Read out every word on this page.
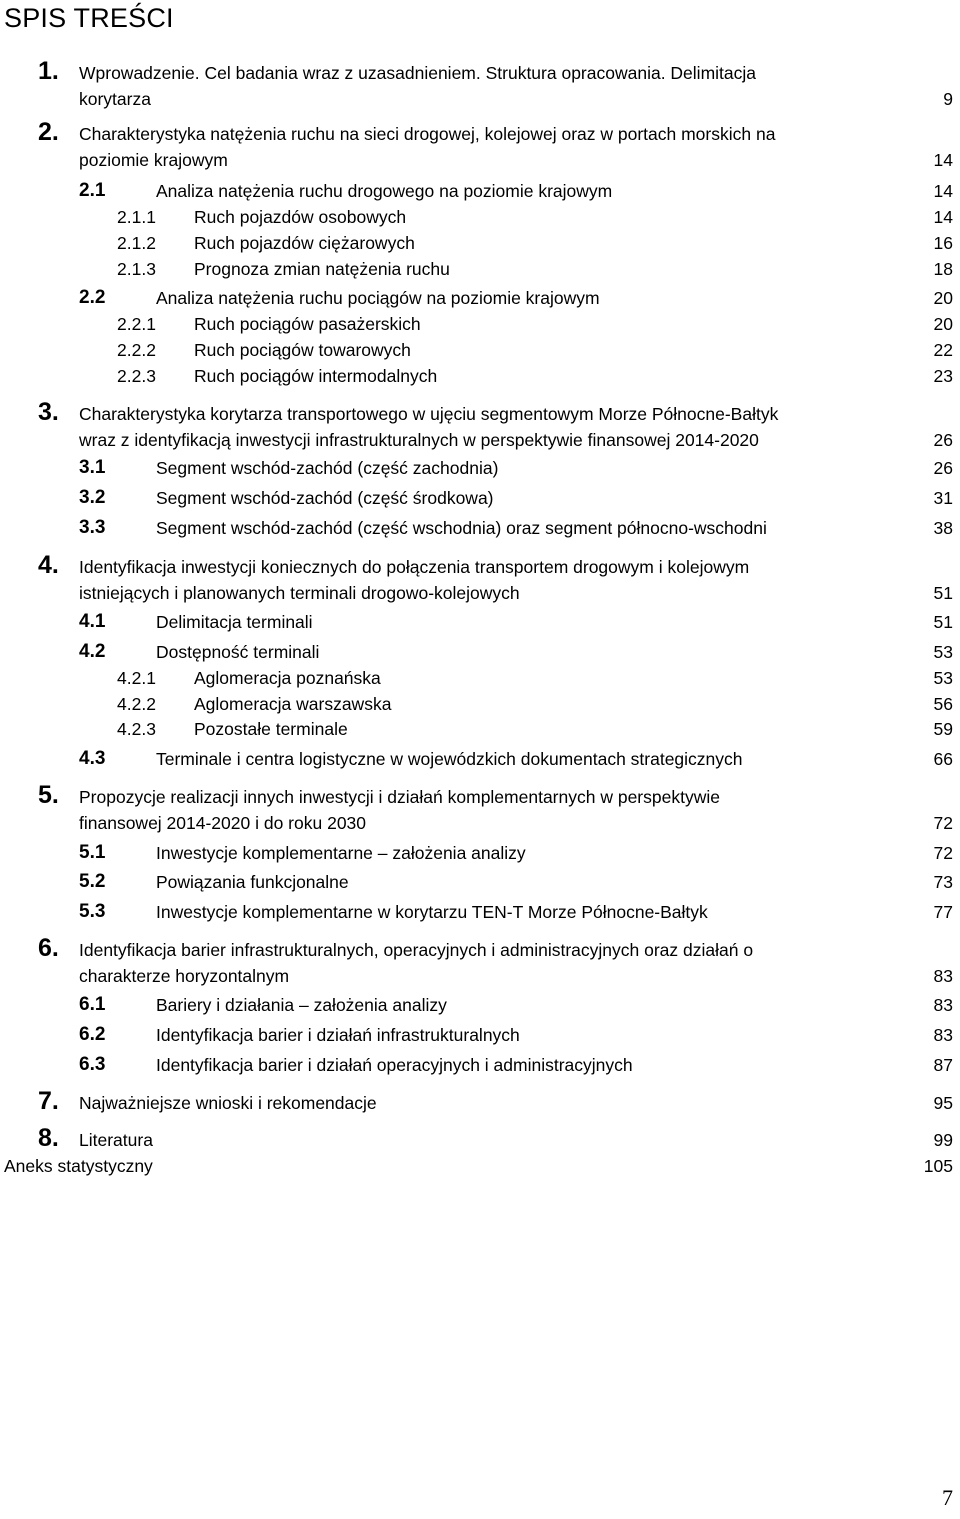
SPIS TREŚCI
7
1. Wprowadzenie. Cel badania wraz z uzasadnieniem. Struktura opracowania. Delimitacja
korytarza	9
2. Charakterystyka natężenia ruchu na sieci drogowej, kolejowej oraz w portach morskich na
poziomie krajowym	14
2.1	Analiza natężenia ruchu drogowego na poziomie krajowym	14
2.1.1 Ruch pojazdów osobowych	14
2.1.2 Ruch pojazdów ciężarowych	16
2.1.3 Prognoza zmian natężenia ruchu	18
2.2	Analiza natężenia ruchu pociągów na poziomie krajowym	20
2.2.1 Ruch pociągów pasażerskich	20
2.2.2 Ruch pociągów towarowych	22
2.2.3 Ruch pociągów intermodalnych	23
3. Charakterystyka korytarza transportowego w ujęciu segmentowym Morze Północne-Bałtyk
wraz z identyfikacją inwestycji infrastrukturalnych w perspektywie finansowej 2014-2020	26
3.1	Segment wschód-zachód (część zachodnia)	26
3.2	Segment wschód-zachód (część środkowa)	31
3.3	Segment wschód-zachód (część wschodnia) oraz segment północno-wschodni	38
4. Identyfikacja inwestycji koniecznych do połączenia transportem drogowym i kolejowym
istniejących i planowanych terminali drogowo-kolejowych	51
4.1	Delimitacja terminali	51
4.2	Dostępność terminali	53
4.2.1 Aglomeracja poznańska	53
4.2.2 Aglomeracja warszawska	56
4.2.3 Pozostałe terminale	59
4.3	Terminale i centra logistyczne w wojewódzkich dokumentach strategicznych	66
5. Propozycje realizacji innych inwestycji i działań komplementarnych w perspektywie
finansowej 2014-2020 i do roku 2030	72
5.1	Inwestycje komplementarne – założenia analizy	72
5.2	Powiązania funkcjonalne	73
5.3	Inwestycje komplementarne w korytarzu TEN-T Morze Północne-Bałtyk	77
6. Identyfikacja barier infrastrukturalnych, operacyjnych i administracyjnych oraz działań o
charakterze horyzontalnym	83
6.1	Bariery i działania – założenia analizy	83
6.2	Identyfikacja barier i działań infrastrukturalnych	83
6.3	Identyfikacja barier i działań operacyjnych i administracyjnych	87
7. Najważniejsze wnioski i rekomendacje	95
8. Literatura	99
Aneks statystyczny	105
